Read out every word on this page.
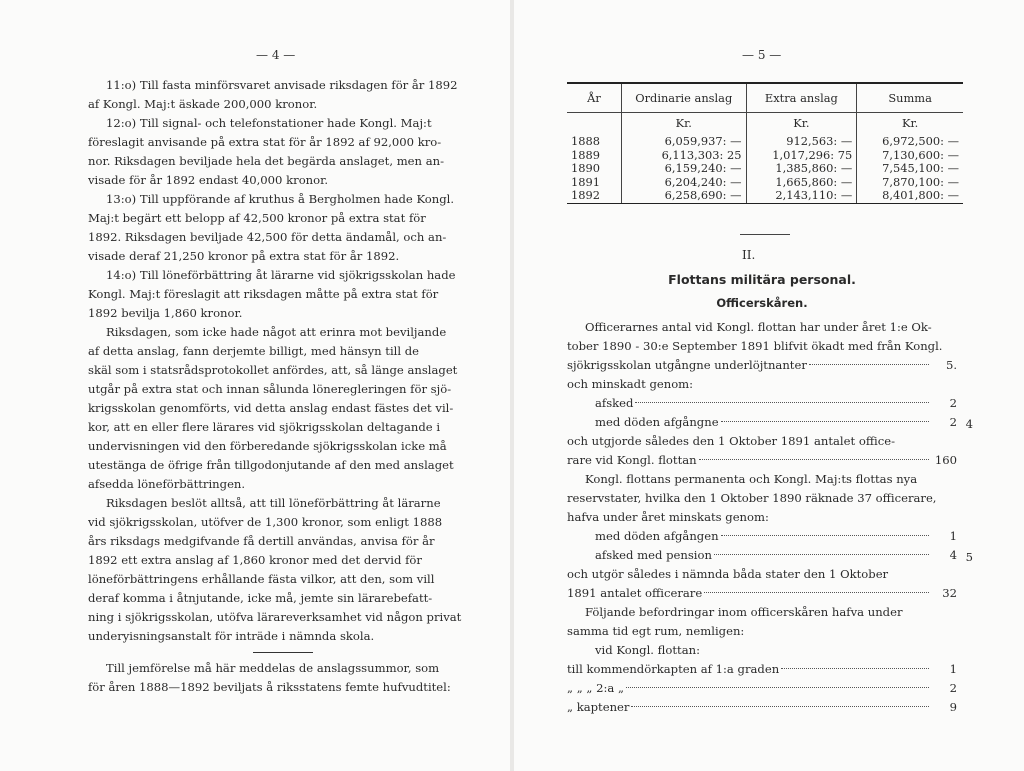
— 4 —
11:o) Till fasta minförsvaret anvisade riksdagen för år 1892
af Kongl. Maj:t äskade 200,000 kronor.
12:o) Till signal- och telefonstationer hade Kongl. Maj:t
föreslagit anvisande på extra stat för år 1892 af 92,000 kro-
nor. Riksdagen beviljade hela det begärda anslaget, men an-
visade för år 1892 endast 40,000 kronor.
13:o) Till uppförande af kruthus å Bergholmen hade Kongl.
Maj:t begärt ett belopp af 42,500 kronor på extra stat för
1892. Riksdagen beviljade 42,500 för detta ändamål, och an-
visade deraf 21,250 kronor på extra stat för år 1892.
14:o) Till löneförbättring åt lärarne vid sjökrigsskolan hade
Kongl. Maj:t föreslagit att riksdagen måtte på extra stat för
1892 bevilja 1,860 kronor.
Riksdagen, som icke hade något att erinra mot beviljande
af detta anslag, fann derjemte billigt, med hänsyn till de
skäl som i statsrådsprotokollet anfördes, att, så länge anslaget
utgår på extra stat och innan sålunda löneregleringen för sjö-
krigsskolan genomförts, vid detta anslag endast fästes det vil-
kor, att en eller flere lärares vid sjökrigsskolan deltagande i
undervisningen vid den förberedande sjökrigsskolan icke må
utestänga de öfrige från tillgodonjutande af den med anslaget
afsedda löneförbättringen.
Riksdagen beslöt alltså, att till löneförbättring åt lärarne
vid sjökrigsskolan, utöfver de 1,300 kronor, som enligt 1888
års riksdags medgifvande få dertill användas, anvisa för år
1892 ett extra anslag af 1,860 kronor med det dervid för
löneförbättringens erhållande fästa vilkor, att den, som vill
deraf komma i åtnjutande, icke må, jemte sin lärarebefatt-
ning i sjökrigsskolan, utöfva lärareverksamhet vid någon privat
underyisningsanstalt för inträde i nämnda skola.
Till jemförelse må här meddelas de anslagssummor, som
för åren 1888—1892 beviljats å riksstatens femte hufvudtitel:
— 5 —
År	Ordinarie anslag	Extra anslag	Summa

	Kr.	Kr.	Kr.
1888	6,059,937: —	912,563: —	6,972,500: —
1889	6,113,303: 25	1,017,296: 75	7,130,600: —
1890	6,159,240: —	1,385,860: —	7,545,100: —
1891	6,204,240: —	1,665,860: —	7,870,100: —
1892	6,258,690: —	2,143,110: —	8,401,800: —
II.
Flottans militära personal.
Officerskåren.
Officerarnes antal vid Kongl. flottan har under året 1:e Ok-
tober 1890 - 30:e September 1891 blifvit ökadt med från Kongl.
sjökrigsskolan utgångne underlöjtnanter	5.
och minskadt genom:
afsked	2
med döden afgångne	2 4
och utgjorde således den 1 Oktober 1891 antalet officе-
rare vid Kongl. flottan	160
Kongl. flottans permanenta och Kongl. Maj:ts flottas nya
reservstater, hvilka den 1 Oktober 1890 räknade 37 officerare,
hafva under året minskats genom:
med döden afgången	1
afsked med pension	4 5
och utgör således i nämnda båda stater den 1 Oktober
1891 antalet officerare	32
Följande befordringar inom officerskåren hafva under
samma tid egt rum, nemligen:
vid Kongl. flottan:
till kommendörkapten af 1:a graden	1
„ „ „ 2:a „	2
„ kaptener	9
